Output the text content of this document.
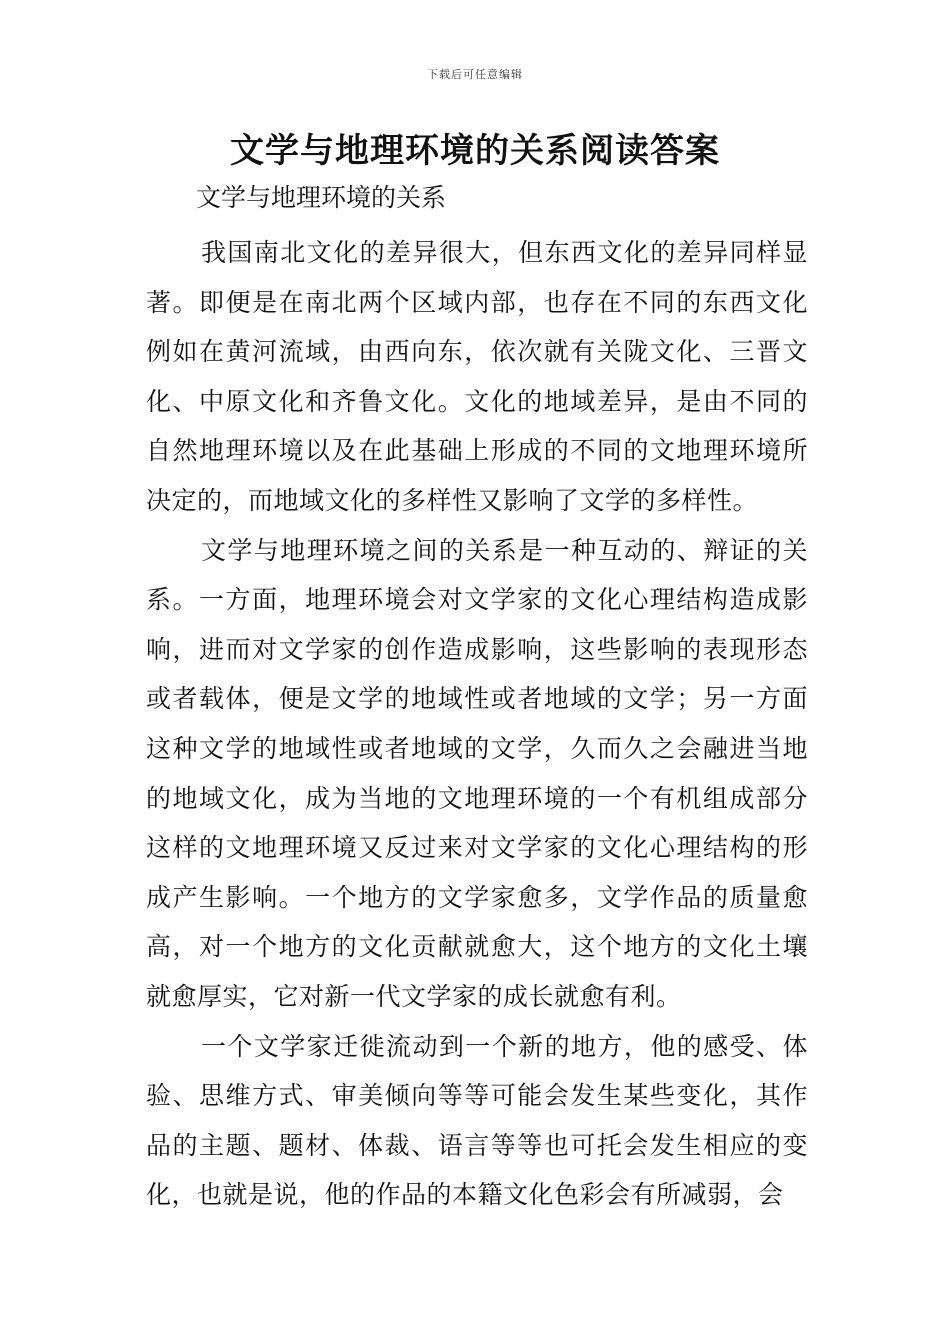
下载后可任意编辑
文学与地理环境的关系阅读答案

文学与地理环境的关系

我国南北文化的差异很大，但东西文化的差异同样显著。即便是在南北两个区域内部，也存在不同的东西文化例如在黄河流域，由西向东，依次就有关陇文化、三晋文化、中原文化和齐鲁文化。文化的地域差异，是由不同的自然地理环境以及在此基础上形成的不同的文地理环境所决定的，而地域文化的多样性又影响了文学的多样性。

文学与地理环境之间的关系是一种互动的、辩证的关系。一方面，地理环境会对文学家的文化心理结构造成影响，进而对文学家的创作造成影响，这些影响的表现形态或者载体，便是文学的地域性或者地域的文学；另一方面这种文学的地域性或者地域的文学，久而久之会融进当地的地域文化，成为当地的文地理环境的一个有机组成部分这样的文地理环境又反过来对文学家的文化心理结构的形成产生影响。一个地方的文学家愈多，文学作品的质量愈高，对一个地方的文化贡献就愈大，这个地方的文化土壤就愈厚实，它对新一代文学家的成长就愈有利。

一个文学家迁徙流动到一个新的地方，他的感受、体验、思维方式、审美倾向等等可能会发生某些变化，其作品的主题、题材、体裁、语言等等也可托会发生相应的变化，也就是说，他的作品的本籍文化色彩会有所减弱，会
